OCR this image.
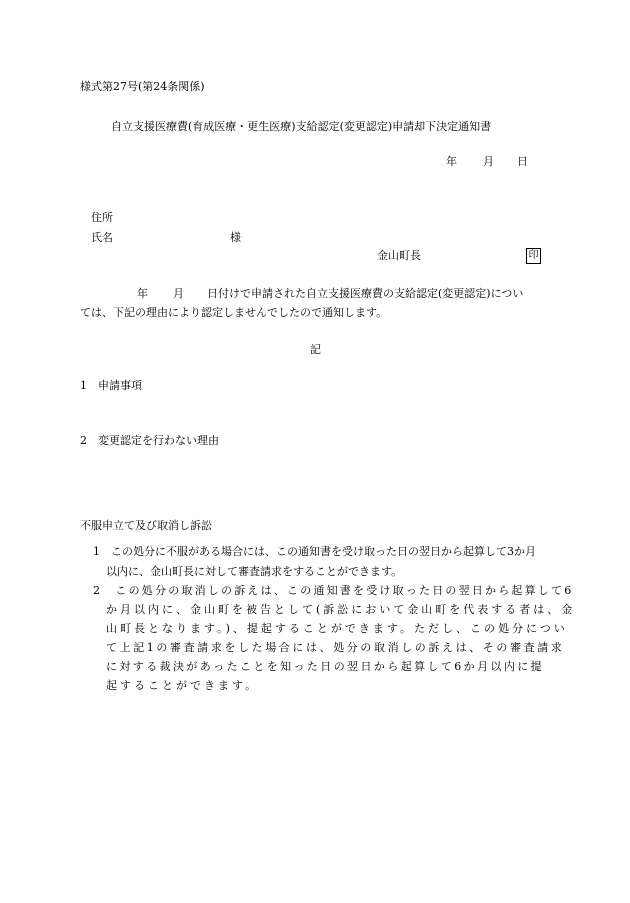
様式第27号(第24条関係)
自立支援医療費(育成医療・更生医療)支給認定(変更認定)申請却下決定通知書
年 月 日
住所
氏名	様
金山町長	印
年 月 日付けで申請された自立支援医療費の支給認定(変更認定)につい
ては、下記の理由により認定しませんでしたので通知します。
記
1　申請事項
2　変更認定を行わない理由
不服申立て及び取消し訴訟
1　この処分に不服がある場合には、この通知書を受け取った日の翌日から起算して3か月
以内に、金山町長に対して審査請求をすることができます。
2　この処分の取消しの訴えは、この通知書を受け取った日の翌日から起算して6
か月以内に、金山町を被告として(訴訟において金山町を代表する者は、金
山町長となります。)、提起することができます。ただし、この処分につい
て上記1の審査請求をした場合には、処分の取消しの訴えは、その審査請求
に対する裁決があったことを知った日の翌日から起算して6か月以内に提
起することができます。
